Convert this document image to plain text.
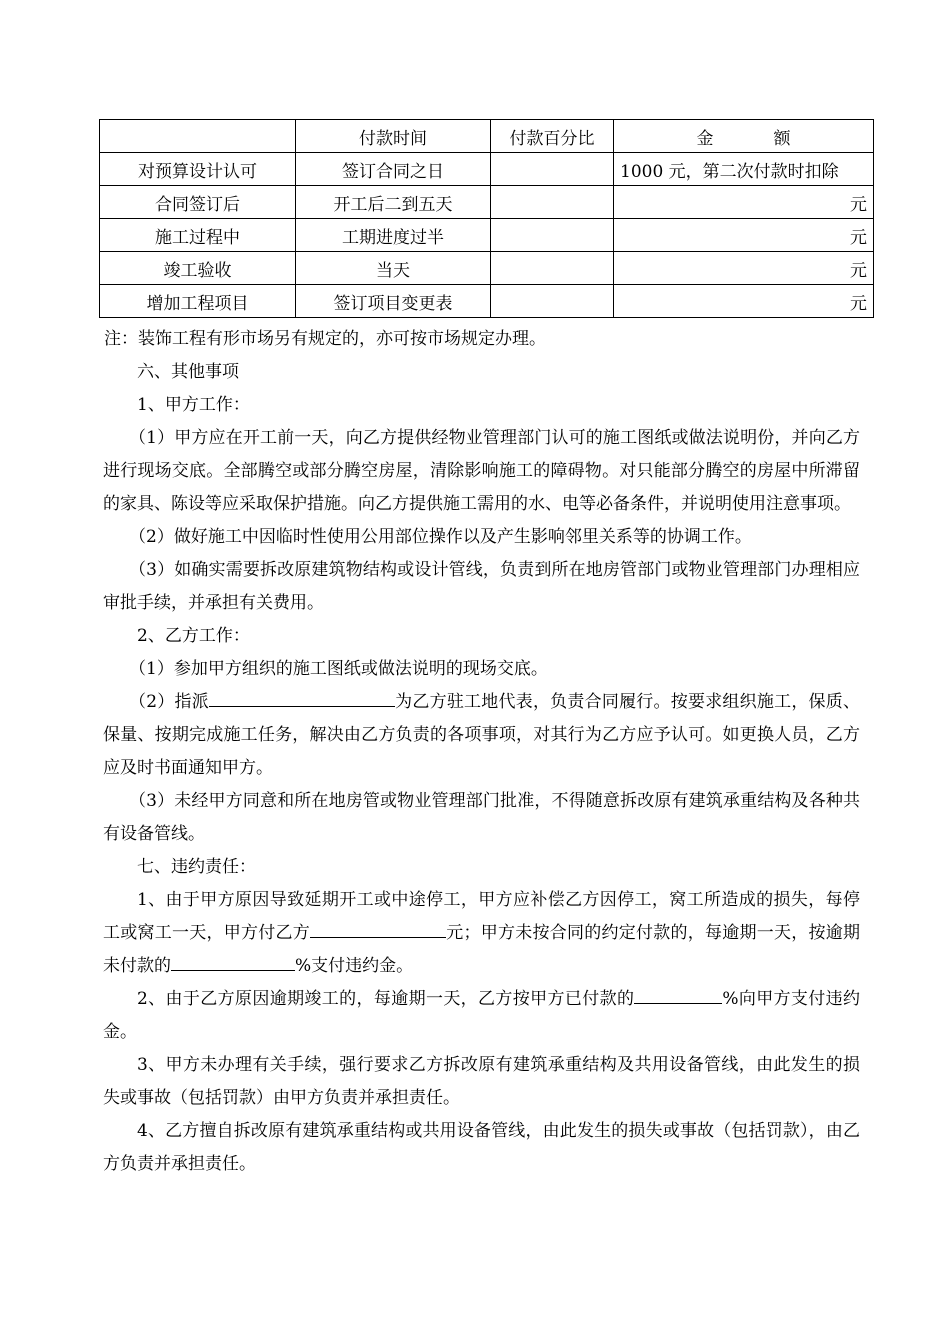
	付款时间	付款百分比	金 额
对预算设计认可	签订合同之日		1000 元，第二次付款时扣除
合同签订后	开工后二到五天		元
施工过程中	工期进度过半		元
竣工验收	当天		元
增加工程项目	签订项目变更表		元

注：装饰工程有形市场另有规定的，亦可按市场规定办理。

六、其他事项

1、甲方工作：

（1）甲方应在开工前一天，向乙方提供经物业管理部门认可的施工图纸或做法说明份，并向乙方进行现场交底。全部腾空或部分腾空房屋，清除影响施工的障碍物。对只能部分腾空的房屋中所滞留的家具、陈设等应采取保护措施。向乙方提供施工需用的水、电等必备条件，并说明使用注意事项。

（2）做好施工中因临时性使用公用部位操作以及产生影响邻里关系等的协调工作。

（3）如确实需要拆改原建筑物结构或设计管线，负责到所在地房管部门或物业管理部门办理相应审批手续，并承担有关费用。

2、乙方工作：

（1）参加甲方组织的施工图纸或做法说明的现场交底。

（2）指派	为乙方驻工地代表，负责合同履行。按要求组织施工，保质、保量、按期完成施工任务，解决由乙方负责的各项事项，对其行为乙方应予认可。如更换人员，乙方应及时书面通知甲方。

（3）未经甲方同意和所在地房管或物业管理部门批准，不得随意拆改原有建筑承重结构及各种共有设备管线。

七、违约责任：

1、由于甲方原因导致延期开工或中途停工，甲方应补偿乙方因停工，窝工所造成的损失，每停工或窝工一天，甲方付乙方	元；甲方未按合同的约定付款的，每逾期一天，按逾期未付款的	%支付违约金。

2、由于乙方原因逾期竣工的，每逾期一天，乙方按甲方已付款的	%向甲方支付违约金。

3、甲方未办理有关手续，强行要求乙方拆改原有建筑承重结构及共用设备管线，由此发生的损失或事故（包括罚款）由甲方负责并承担责任。

4、乙方擅自拆改原有建筑承重结构或共用设备管线，由此发生的损失或事故（包括罚款），由乙方负责并承担责任。
